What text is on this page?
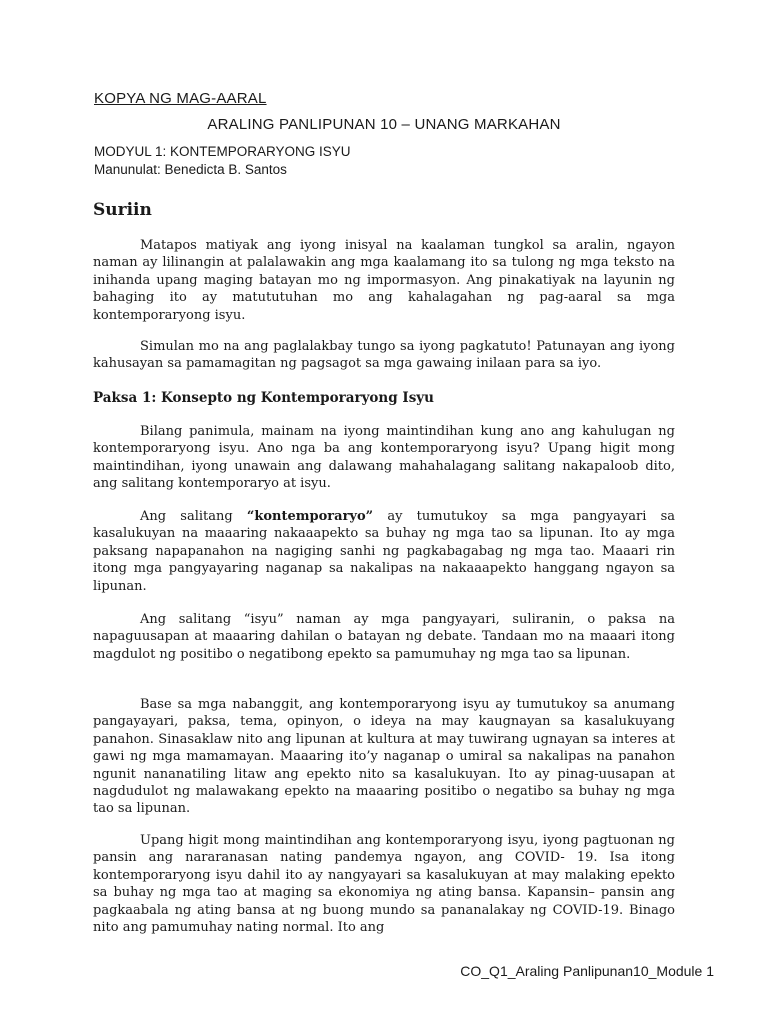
KOPYA NG MAG-AARAL
ARALING PANLIPUNAN 10 – UNANG MARKAHAN
MODYUL 1: KONTEMPORARYONG ISYU
Manunulat: Benedicta B. Santos
Suriin

Matapos matiyak ang iyong inisyal na kaalaman tungkol sa aralin, ngayon naman ay lilinangin at palalawakin ang mga kaalamang ito sa tulong ng mga teksto na inihanda upang maging batayan mo ng impormasyon. Ang pinakatiyak na layunin ng bahaging ito ay matututuhan mo ang kahalagahan ng pag-aaral sa mga kontemporaryong isyu.

Simulan mo na ang paglalakbay tungo sa iyong pagkatuto! Patunayan ang iyong kahusayan sa pamamagitan ng pagsagot sa mga gawaing inilaan para sa iyo.

Paksa 1: Konsepto ng Kontemporaryong Isyu

Bilang panimula, mainam na iyong maintindihan kung ano ang kahulugan ng kontemporaryong isyu. Ano nga ba ang kontemporaryong isyu? Upang higit mong maintindihan, iyong unawain ang dalawang mahahalagang salitang nakapaloob dito, ang salitang kontemporaryo at isyu.

Ang salitang “kontemporaryo” ay tumutukoy sa mga pangyayari sa kasalukuyan na maaaring nakaaapekto sa buhay ng mga tao sa lipunan. Ito ay mga paksang napapanahon na nagiging sanhi ng pagkabagabag ng mga tao. Maaari rin itong mga pangyayaring naganap sa nakalipas na nakaaapekto hanggang ngayon sa lipunan.

Ang salitang “isyu” naman ay mga pangyayari, suliranin, o paksa na napaguusapan at maaaring dahilan o batayan ng debate. Tandaan mo na maaari itong magdulot ng positibo o negatibong epekto sa pamumuhay ng mga tao sa lipunan.

Base sa mga nabanggit, ang kontemporaryong isyu ay tumutukoy sa anumang pangayayari, paksa, tema, opinyon, o ideya na may kaugnayan sa kasalukuyang panahon. Sinasaklaw nito ang lipunan at kultura at may tuwirang ugnayan sa interes at gawi ng mga mamamayan. Maaaring ito’y naganap o umiral sa nakalipas na panahon ngunit nananatiling litaw ang epekto nito sa kasalukuyan. Ito ay pinag-uusapan at nagdudulot ng malawakang epekto na maaaring positibo o negatibo sa buhay ng mga tao sa lipunan.

Upang higit mong maintindihan ang kontemporaryong isyu, iyong pagtuonan ng pansin ang nararanasan nating pandemya ngayon, ang COVID- 19. Isa itong kontemporaryong isyu dahil ito ay nangyayari sa kasalukuyan at may malaking epekto sa buhay ng mga tao at maging sa ekonomiya ng ating bansa. Kapansin– pansin ang pagkaabala ng ating bansa at ng buong mundo sa pananalakay ng COVID-19. Binago nito ang pamumuhay nating normal. Ito ang

CO_Q1_Araling Panlipunan10_Module 1
